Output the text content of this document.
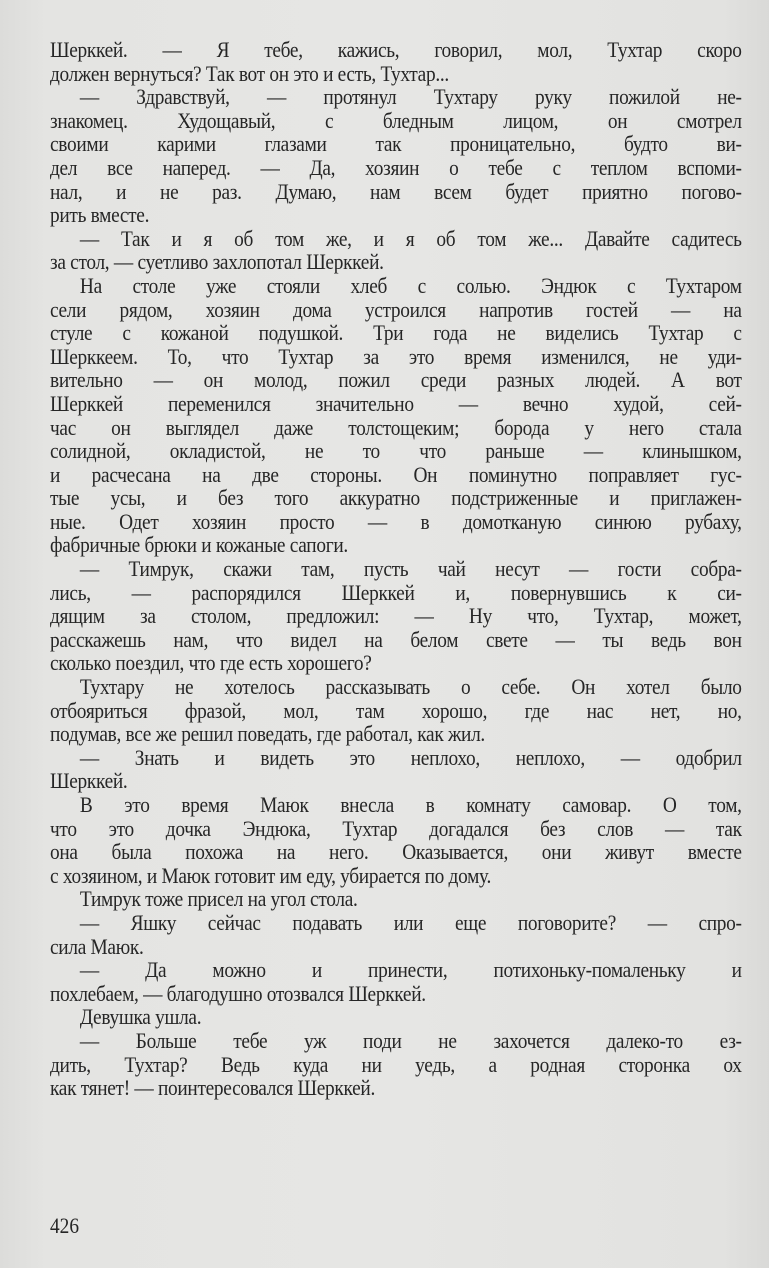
Шерккей. — Я тебе, кажись, говорил, мол, Тухтар скоро
должен вернуться? Так вот он это и есть, Тухтар...
— Здравствуй, — протянул Тухтару руку пожилой не-
знакомец. Худощавый, с бледным лицом, он смотрел
своими карими глазами так проницательно, будто ви-
дел все наперед. — Да, хозяин о тебе с теплом вспоми-
нал, и не раз. Думаю, нам всем будет приятно погово-
рить вместе.
— Так и я об том же, и я об том же... Давайте садитесь
за стол, — суетливо захлопотал Шерккей.
На столе уже стояли хлеб с солью. Эндюк с Тухтаром
сели рядом, хозяин дома устроился напротив гостей — на
стуле с кожаной подушкой. Три года не виделись Тухтар с
Шерккеем. То, что Тухтар за это время изменился, не уди-
вительно — он молод, пожил среди разных людей. А вот
Шерккей переменился значительно — вечно худой, сей-
час он выглядел даже толстощеким; борода у него стала
солидной, окладистой, не то что раньше — клинышком,
и расчесана на две стороны. Он поминутно поправляет гус-
тые усы, и без того аккуратно подстриженные и приглажен-
ные. Одет хозяин просто — в домотканую синюю рубаху,
фабричные брюки и кожаные сапоги.
— Тимрук, скажи там, пусть чай несут — гости собра-
лись, — распорядился Шерккей и, повернувшись к си-
дящим за столом, предложил: — Ну что, Тухтар, может,
расскажешь нам, что видел на белом свете — ты ведь вон
сколько поездил, что где есть хорошего?
Тухтару не хотелось рассказывать о себе. Он хотел было
отбояриться фразой, мол, там хорошо, где нас нет, но,
подумав, все же решил поведать, где работал, как жил.
— Знать и видеть это неплохо, неплохо, — одобрил
Шерккей.
В это время Маюк внесла в комнату самовар. О том,
что это дочка Эндюка, Тухтар догадался без слов — так
она была похожа на него. Оказывается, они живут вместе
с хозяином, и Маюк готовит им еду, убирается по дому.
Тимрук тоже присел на угол стола.
— Яшку сейчас подавать или еще поговорите? — спро-
сила Маюк.
— Да можно и принести, потихоньку-помаленьку и
похлебаем, — благодушно отозвался Шерккей.
Девушка ушла.
— Больше тебе уж поди не захочется далеко-то ез-
дить, Тухтар? Ведь куда ни уедь, а родная сторонка ох
как тянет! — поинтересовался Шерккей.
426
